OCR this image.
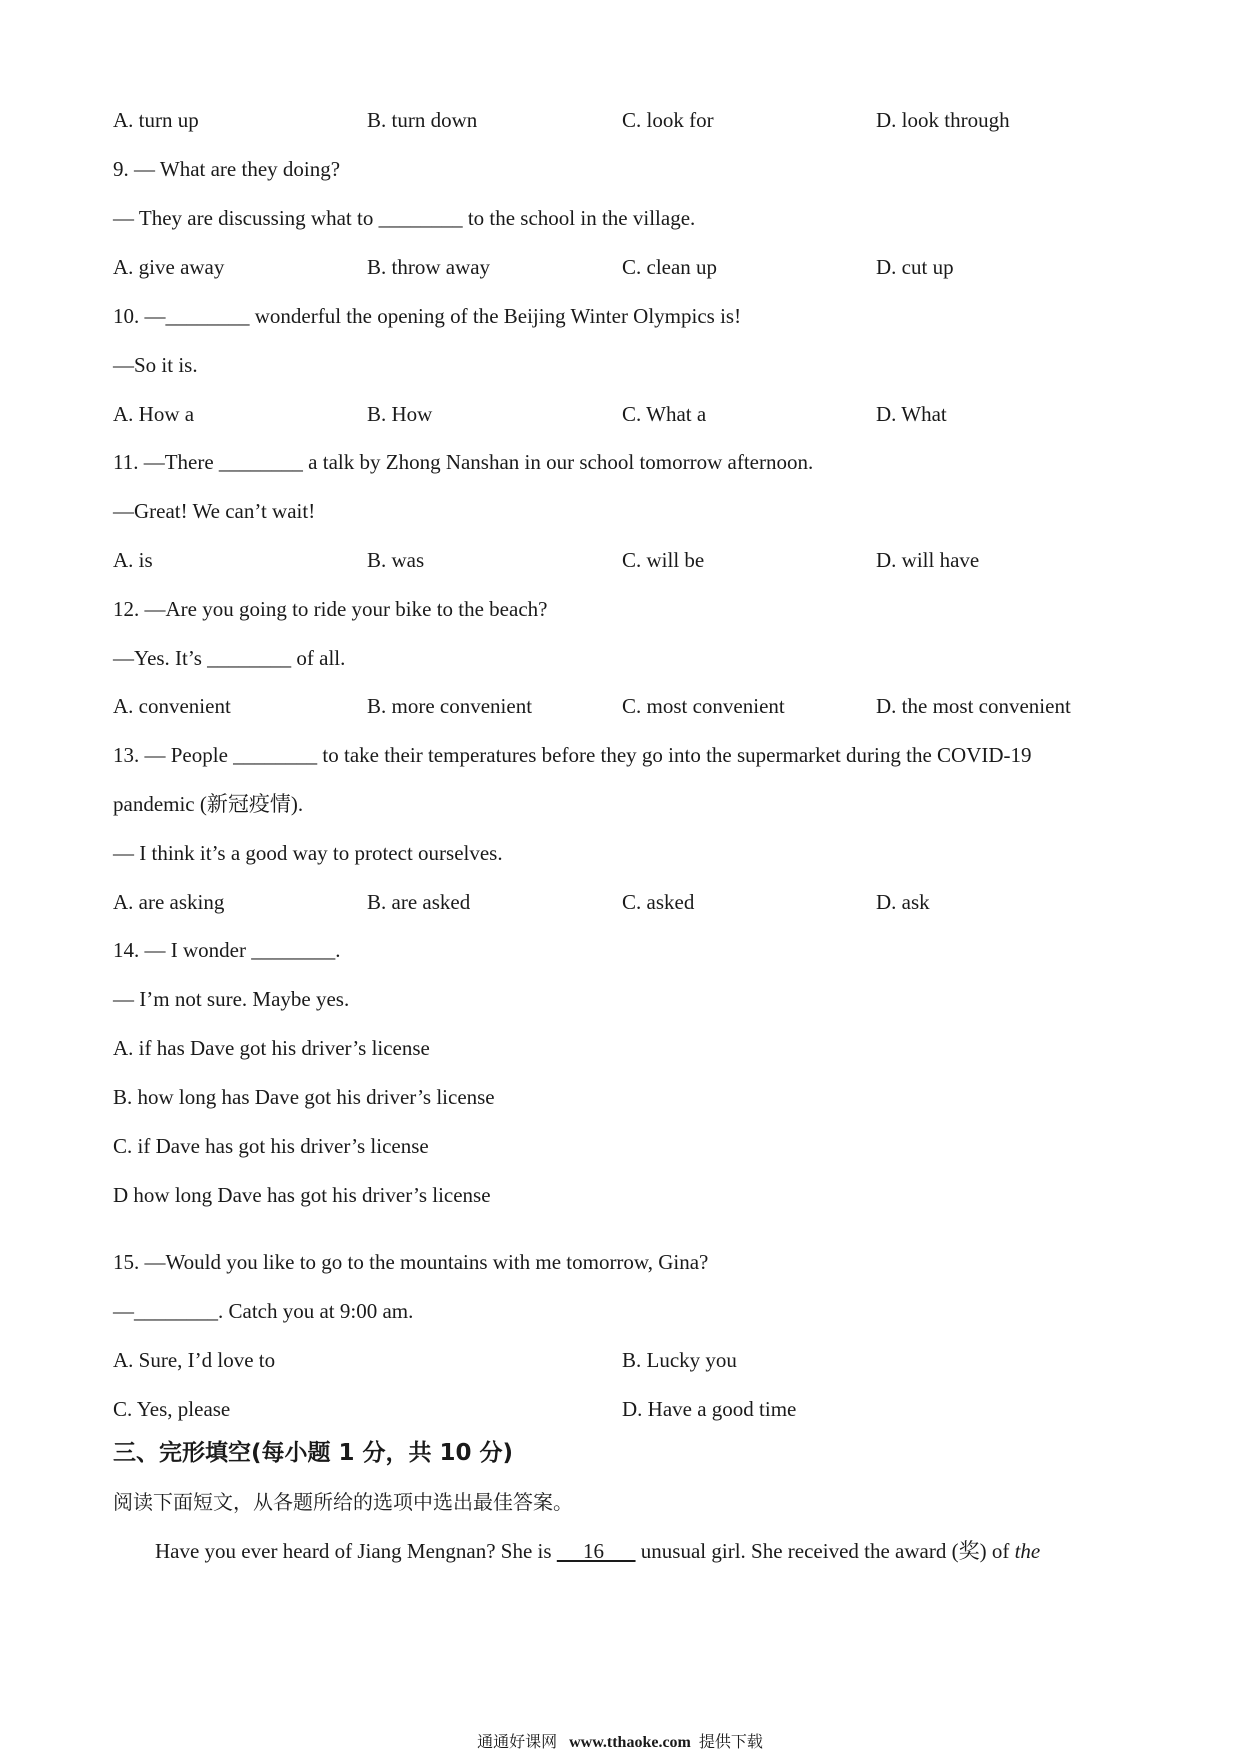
A. turn up	B. turn down	C. look for	D. look through
9. — What are they doing?
— They are discussing what to ________ to the school in the village.
A. give away	B. throw away	C. clean up	D. cut up
10. —________ wonderful the opening of the Beijing Winter Olympics is!
—So it is.
A. How a	B. How	C. What a	D. What
11. —There ________ a talk by Zhong Nanshan in our school tomorrow afternoon.
—Great! We can’t wait!
A. is	B. was	C. will be	D. will have
12. —Are you going to ride your bike to the beach?
—Yes. It’s ________ of all.
A. convenient	B. more convenient	C. most convenient	D. the most convenient
13. — People ________ to take their temperatures before they go into the supermarket during the COVID-19
pandemic (新冠疫情).
— I think it’s a good way to protect ourselves.
A. are asking	B. are asked	C. asked	D. ask
14. — I wonder ________.
— I’m not sure. Maybe yes.
A. if has Dave got his driver’s license
B. how long has Dave got his driver’s license
C. if Dave has got his driver’s license
D how long Dave has got his driver’s license
15. —Would you like to go to the mountains with me tomorrow, Gina?
—________. Catch you at 9:00 am.
A. Sure, I’d love to	B. Lucky you
C. Yes, please	D. Have a good time
三、完形填空(每小题 1 分，共 10 分)
阅读下面短文，从各题所给的选项中选出最佳答案。
Have you ever heard of Jiang Mengnan? She is      16       unusual girl. She received the award (奖) of the
通通好课网 www.tthaoke.com 提供下载
